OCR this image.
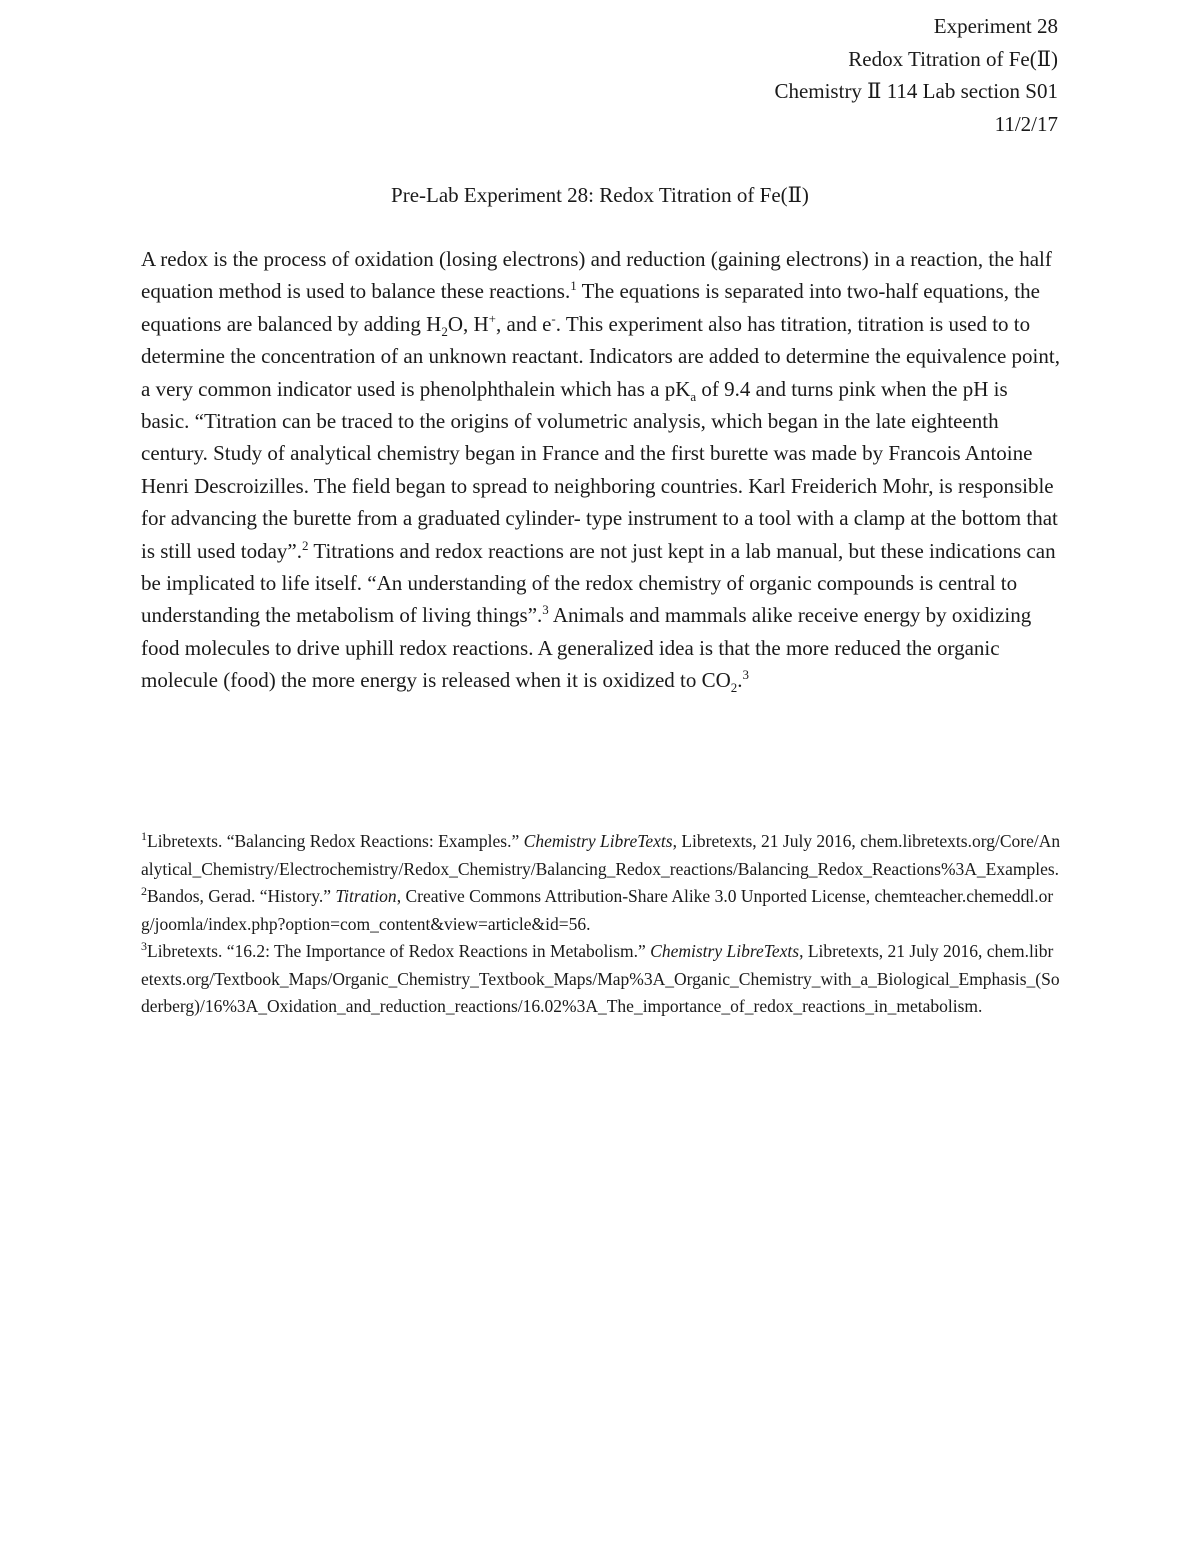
Experiment 28
Redox Titration of Fe(Ⅱ)
Chemistry Ⅱ 114 Lab section S01
11/2/17
Pre-Lab Experiment 28: Redox Titration of Fe(Ⅱ)
A redox is the process of oxidation (losing electrons) and reduction (gaining electrons) in a reaction, the half equation method is used to balance these reactions.$^1$ The equations is separated into two-half equations, the equations are balanced by adding $H_2O$, H+, and e-. This experiment also has titration, titration is used to to determine the concentration of an unknown reactant. Indicators are added to determine the equivalence point, a very common indicator used is phenolphthalein which has a $pK_a$ of 9.4 and turns pink when the pH is basic. “Titration can be traced to the origins of volumetric analysis, which began in the late eighteenth century. Study of analytical chemistry began in France and the first burette was made by Francois Antoine Henri Descroizilles. The field began to spread to neighboring countries. Karl Freiderich Mohr, is responsible for advancing the burette from a graduated cylinder- type instrument to a tool with a clamp at the bottom that is still used today”.$^2$ Titrations and redox reactions are not just kept in a lab manual, but these indications can be implicated to life itself. “An understanding of the redox chemistry of organic compounds is central to understanding the metabolism of living things”.$^3$ Animals and mammals alike receive energy by oxidizing food molecules to drive uphill redox reactions. A generalized idea is that the more reduced the organic molecule (food) the more energy is released when it is oxidized to $CO_2.^3$

$^1$Libretexts. “Balancing Redox Reactions: Examples.” Chemistry LibreTexts, Libretexts, 21 July 2016, chem.libretexts.org/Core/Analytical_Chemistry/Electrochemistry/Redox_Chemistry/Balancing_Redox_reactions/Balancing_Redox_Reactions%3A_Examples.

$^2$Bandos, Gerad. “History.” Titration, Creative Commons Attribution-Share Alike 3.0 Unported License, chemteacher.chemeddl.org/joomla/index.php?option=com_content&view=article&id=56.

$^3$Libretexts. “16.2: The Importance of Redox Reactions in Metabolism.” Chemistry LibreTexts, Libretexts, 21 July 2016, chem.libretexts.org/Textbook_Maps/Organic_Chemistry_Textbook_Maps/Map%3A_Organic_Chemistry_with_a_Biological_Emphasis_(Soderberg)/16%3A_Oxidation_and_reduction_reactions/16.02%3A_The_importance_of_redox_reactions_in_metabolism.
